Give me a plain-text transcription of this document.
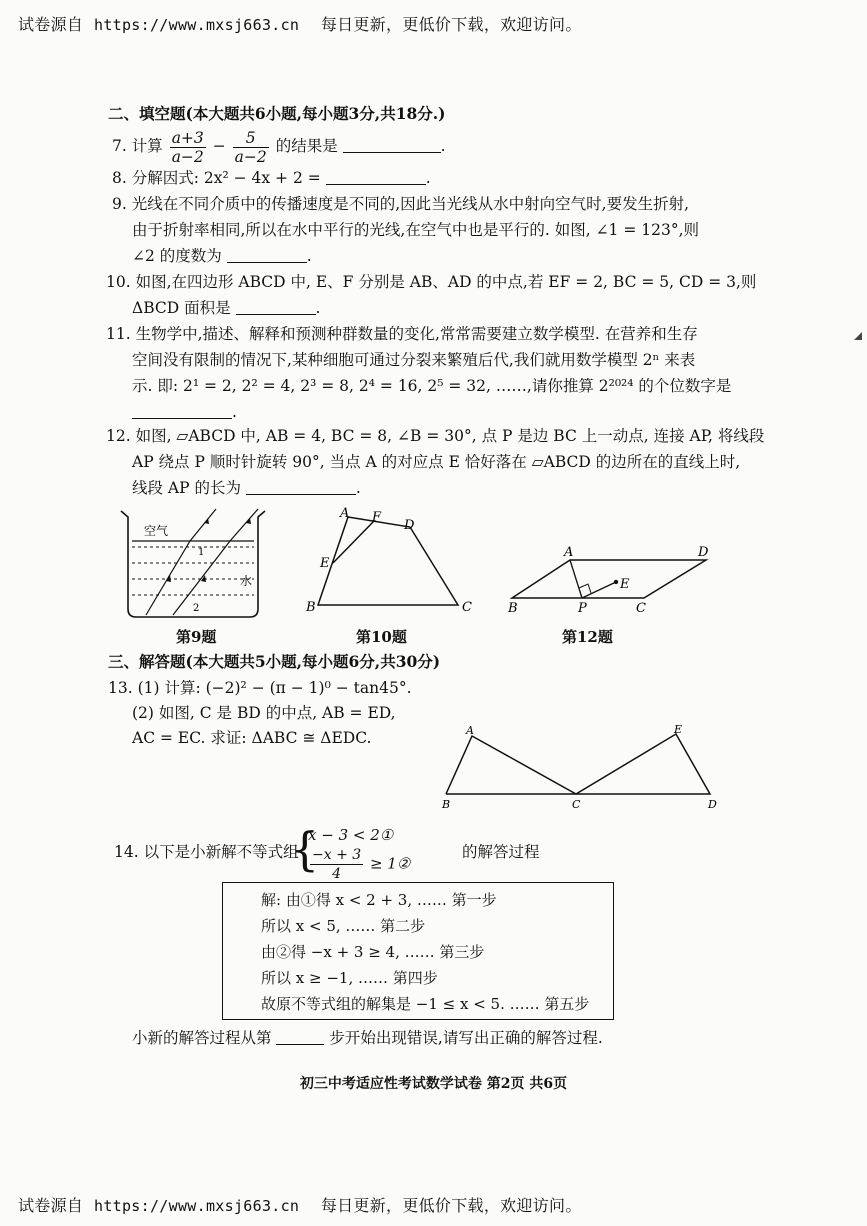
试卷源自 https://www.mxsj663.cn 每日更新，更低价下载，欢迎访问。
二、填空题(本大题共6小题,每小题3分,共18分.)
7. 计算 $\frac{a+3}{a-2} - \frac{5}{a-2}$ 的结果是	.
8. 分解因式: 2x² − 4x + 2 =	.
9. 光线在不同介质中的传播速度是不同的,因此当光线从水中射向空气时,要发生折射,
由于折射率相同,所以在水中平行的光线,在空气中也是平行的. 如图, ∠1 = 123°,则
∠2 的度数为	.
10. 如图,在四边形 ABCD 中, E、F 分别是 AB、AD 的中点,若 EF = 2, BC = 5, CD = 3,则
ΔBCD 面积是	.
11. 生物学中,描述、解释和预测种群数量的变化,常常需要建立数学模型. 在营养和生存
空间没有限制的情况下,某种细胞可通过分裂来繁殖后代,我们就用数学模型 2ⁿ 来表
示. 即: 2¹ = 2, 2² = 4, 2³ = 8, 2⁴ = 16, 2⁵ = 32, ……,请你推算 2²⁰²⁴ 的个位数字是
.
12. 如图, ▱ABCD 中, AB = 4, BC = 8, ∠B = 30°, 点 P 是边 BC 上一动点, 连接 AP, 将线段
AP 绕点 P 顺时针旋转 90°, 当点 A 的对应点 E 恰好落在 ▱ABCD 的边所在的直线上时,
线段 AP 的长为	.
空气
水
1
2
第9题
A F
D
E
B	C
第10题
A	D
E
B	P	C
第12题
三、解答题(本大题共5小题,每小题6分,共30分)
13. (1) 计算: (−2)² − (π − 1)⁰ − tan45°.
(2) 如图, C 是 BD 的中点, AB = ED,
AC = EC. 求证: ΔABC ≅ ΔEDC.	A	E
B	C	D
14. 以下是小新解不等式组
{
x − 3 < 2①
$\frac{-x + 3}{4}$ ≥ 1②
的解答过程
解: 由①得 x < 2 + 3, …… 第一步
所以 x < 5, …… 第二步
由②得 −x + 3 ≥ 4, …… 第三步
所以 x ≥ −1, …… 第四步
故原不等式组的解集是 −1 ≤ x < 5. …… 第五步
小新的解答过程从第	步开始出现错误,请写出正确的解答过程.
初三中考适应性考试数学试卷 第2页 共6页
试卷源自 https://www.mxsj663.cn 每日更新，更低价下载，欢迎访问。
